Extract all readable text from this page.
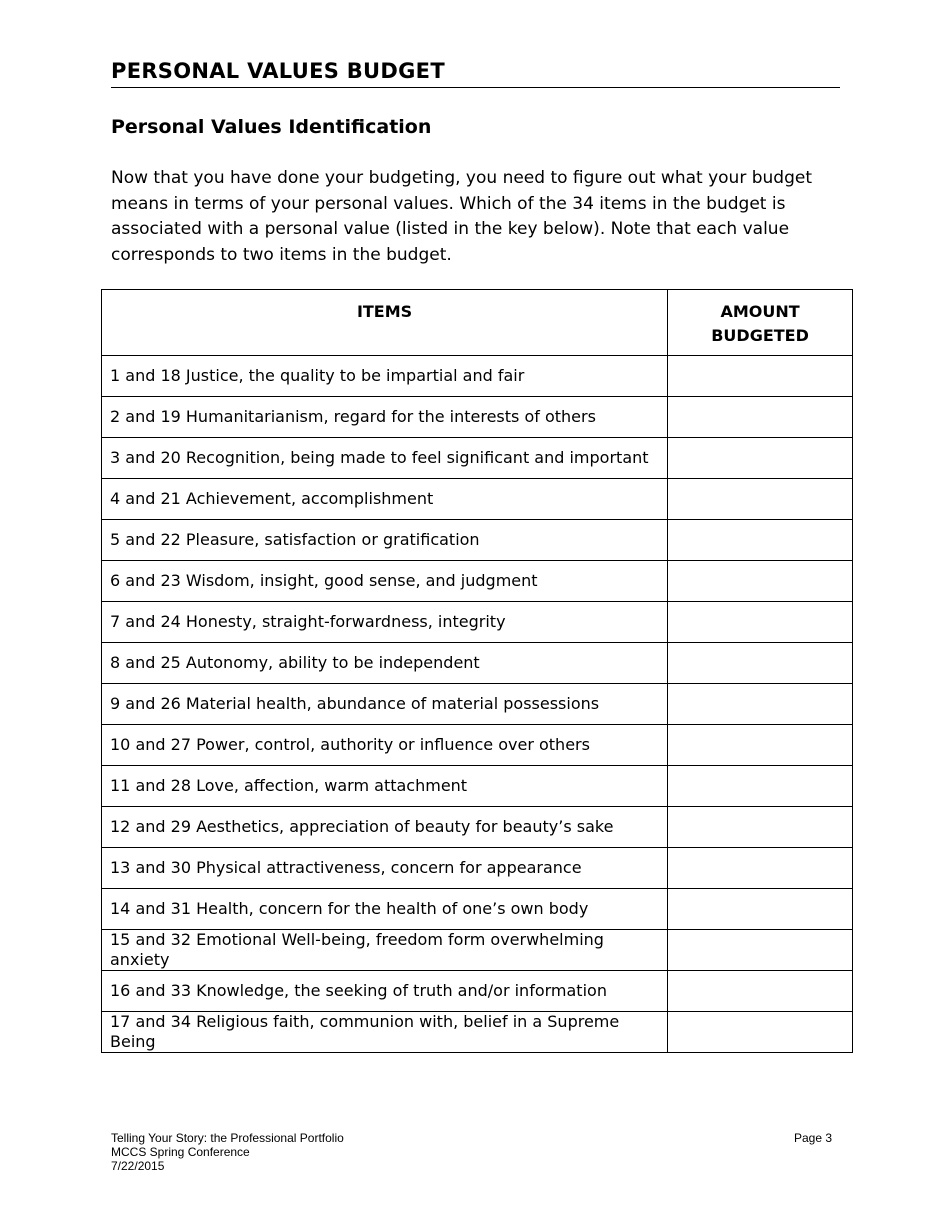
PERSONAL VALUES BUDGET
Personal Values Identification

Now that you have done your budgeting, you need to figure out what your budget means in terms of your personal values. Which of the 34 items in the budget is associated with a personal value (listed in the key below). Note that each value corresponds to two items in the budget.

ITEMS	AMOUNT
BUDGETED
1 and 18 Justice, the quality to be impartial and fair	
2 and 19 Humanitarianism, regard for the interests of others	
3 and 20 Recognition, being made to feel significant and important	
4 and 21 Achievement, accomplishment	
5 and 22 Pleasure, satisfaction or gratification	
6 and 23 Wisdom, insight, good sense, and judgment	
7 and 24 Honesty, straight-forwardness, integrity	
8 and 25 Autonomy, ability to be independent	
9 and 26 Material health, abundance of material possessions	
10 and 27 Power, control, authority or influence over others	
11 and 28 Love, affection, warm attachment	
12 and 29 Aesthetics, appreciation of beauty for beauty’s sake	
13 and 30 Physical attractiveness, concern for appearance	
14 and 31 Health, concern for the health of one’s own body	
15 and 32 Emotional Well-being, freedom form overwhelming anxiety	
16 and 33 Knowledge, the seeking of truth and/or information	
17 and 34 Religious faith, communion with, belief in a Supreme Being	
Telling Your Story: the Professional Portfolio
MCCS Spring Conference
7/22/2015
Page 3
